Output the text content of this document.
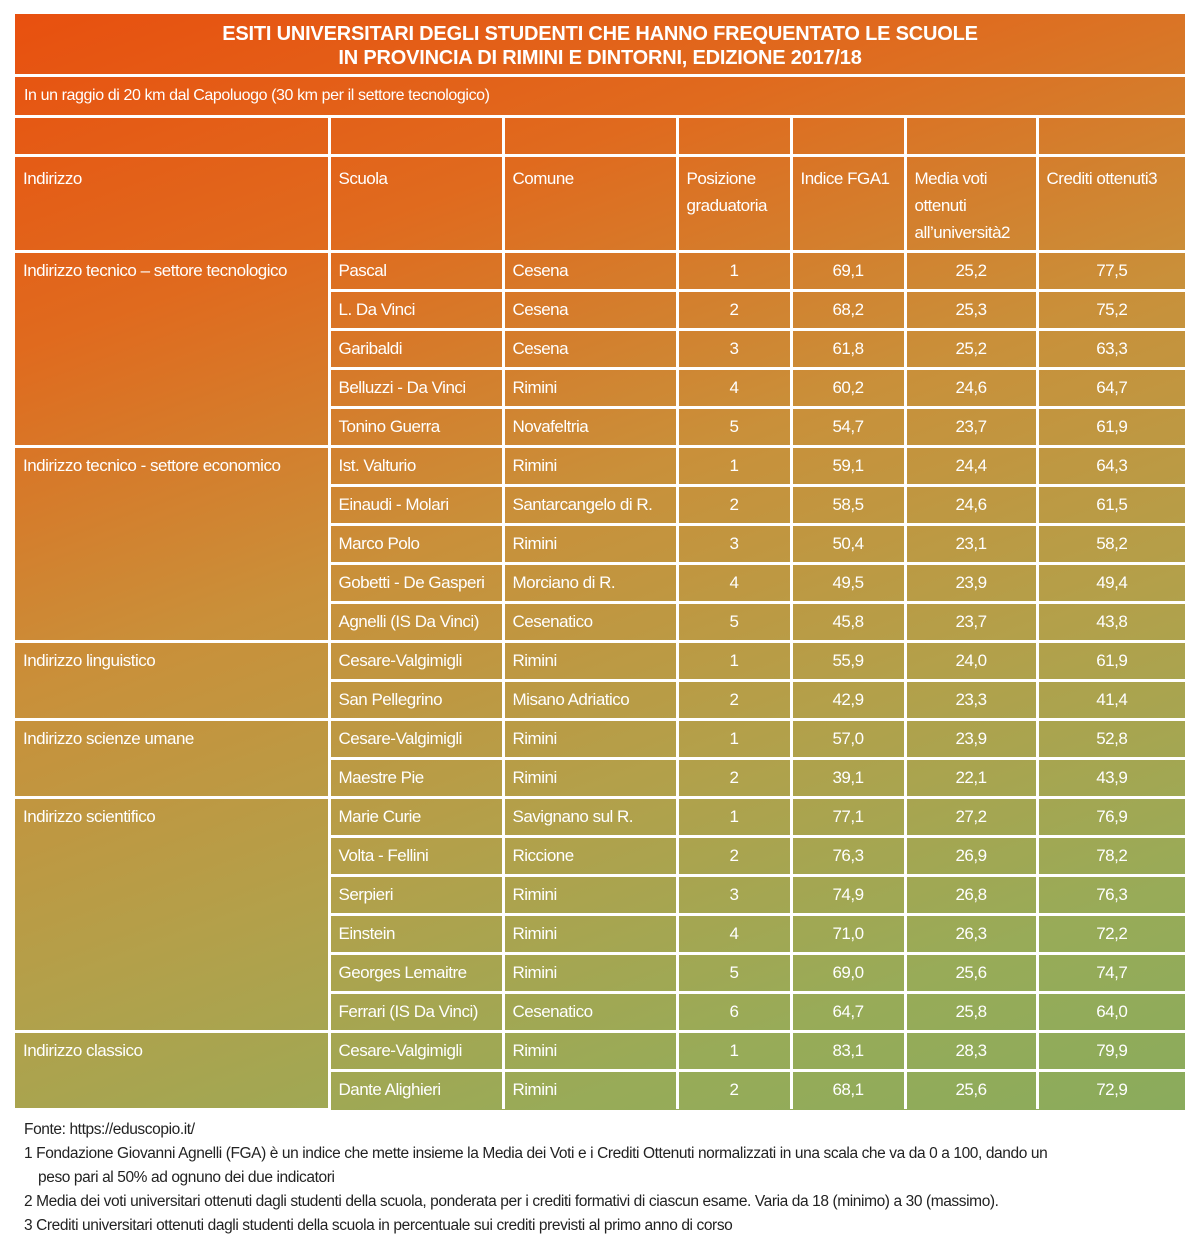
ESITI UNIVERSITARI DEGLI STUDENTI CHE HANNO FREQUENTATO LE SCUOLE
IN PROVINCIA DI RIMINI E DINTORNI, EDIZIONE 2017/18
In un raggio di 20 km dal Capoluogo (30 km per il settore tecnologico)

Indirizzo	Scuola	Comune	Posizione graduatoria	Indice FGA1	Media voti ottenuti all’università2	Crediti ottenuti3
Indirizzo tecnico – settore tecnologico	Pascal	Cesena	1	69,1	25,2	77,5
	L. Da Vinci	Cesena	2	68,2	25,3	75,2
	Garibaldi	Cesena	3	61,8	25,2	63,3
	Belluzzi - Da Vinci	Rimini	4	60,2	24,6	64,7
	Tonino Guerra	Novafeltria	5	54,7	23,7	61,9
Indirizzo tecnico - settore economico	Ist. Valturio	Rimini	1	59,1	24,4	64,3
	Einaudi - Molari	Santarcangelo di R.	2	58,5	24,6	61,5
	Marco Polo	Rimini	3	50,4	23,1	58,2
	Gobetti - De Gasperi	Morciano di R.	4	49,5	23,9	49,4
	Agnelli (IS Da Vinci)	Cesenatico	5	45,8	23,7	43,8
Indirizzo linguistico	Cesare-Valgimigli	Rimini	1	55,9	24,0	61,9
	San Pellegrino	Misano Adriatico	2	42,9	23,3	41,4
Indirizzo scienze umane	Cesare-Valgimigli	Rimini	1	57,0	23,9	52,8
	Maestre Pie	Rimini	2	39,1	22,1	43,9
Indirizzo scientifico	Marie Curie	Savignano sul R.	1	77,1	27,2	76,9
	Volta - Fellini	Riccione	2	76,3	26,9	78,2
	Serpieri	Rimini	3	74,9	26,8	76,3
	Einstein	Rimini	4	71,0	26,3	72,2
	Georges Lemaitre	Rimini	5	69,0	25,6	74,7
	Ferrari (IS Da Vinci)	Cesenatico	6	64,7	25,8	64,0
Indirizzo classico	Cesare-Valgimigli	Rimini	1	83,1	28,3	79,9
	Dante Alighieri	Rimini	2	68,1	25,6	72,9
Fonte: https://eduscopio.it/
1 Fondazione Giovanni Agnelli (FGA) è un indice che mette insieme la Media dei Voti e i Crediti Ottenuti normalizzati in una scala che va da 0 a 100, dando un
peso pari al 50% ad ognuno dei due indicatori
2 Media dei voti universitari ottenuti dagli studenti della scuola, ponderata per i crediti formativi di ciascun esame. Varia da 18 (minimo) a 30 (massimo).
3 Crediti universitari ottenuti dagli studenti della scuola in percentuale sui crediti previsti al primo anno di corso
